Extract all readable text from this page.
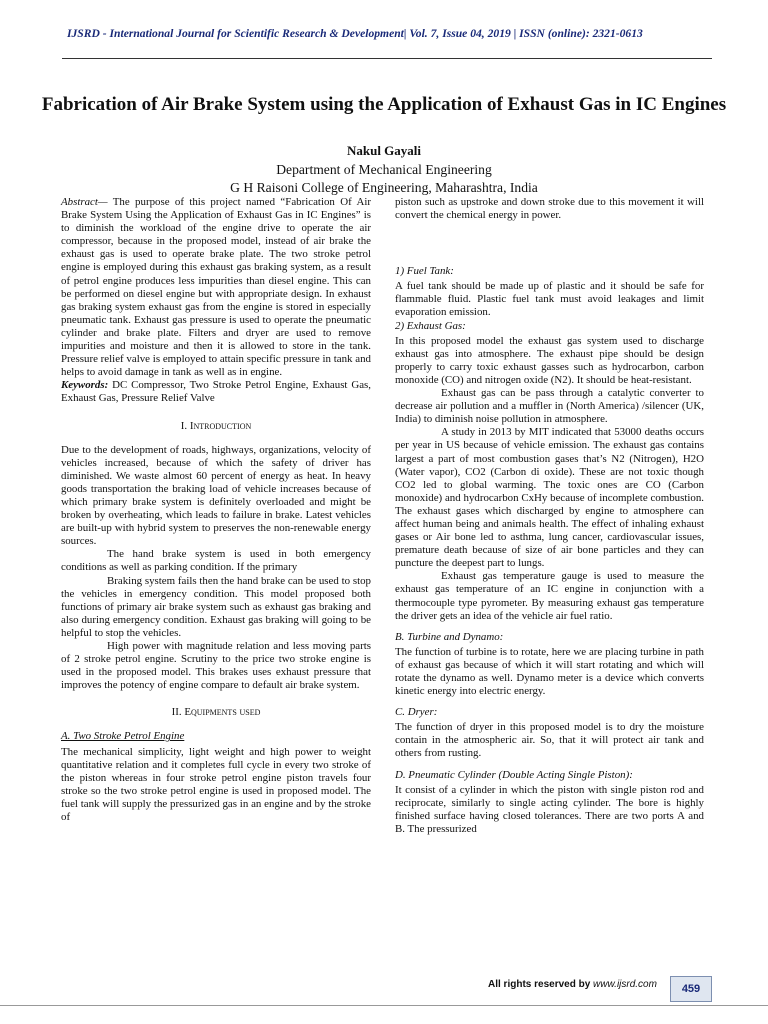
IJSRD - International Journal for Scientific Research & Development| Vol. 7, Issue 04, 2019 | ISSN (online): 2321-0613
Fabrication of Air Brake System using the Application of Exhaust Gas in IC Engines
Nakul Gayali
Department of Mechanical Engineering
G H Raisoni College of Engineering, Maharashtra, India

Abstract— The purpose of this project named “Fabrication Of Air Brake System Using the Application of Exhaust Gas in IC Engines” is to diminish the workload of the engine drive to operate the air compressor, because in the proposed model, instead of air brake the exhaust gas is used to operate brake plate. The two stroke petrol engine is employed during this exhaust gas braking system, as a result of petrol engine produces less impurities than diesel engine. This can be performed on diesel engine but with appropriate design. In exhaust gas braking system exhaust gas from the engine is stored in especially pneumatic tank. Exhaust gas pressure is used to operate the pneumatic cylinder and brake plate. Filters and dryer are used to remove impurities and moisture and then it is allowed to store in the tank. Pressure relief valve is employed to attain specific pressure in tank and helps to avoid damage in tank as well as in engine.

Keywords: DC Compressor, Two Stroke Petrol Engine, Exhaust Gas, Exhaust Gas, Pressure Relief Valve

I. Introduction

Due to the development of roads, highways, organizations, velocity of vehicles increased, because of which the safety of driver has diminished. We waste almost 60 percent of energy as heat. In heavy goods transportation the braking load of vehicle increases because of which primary brake system is definitely overloaded and might be broken by overheating, which leads to failure in brake. Latest vehicles are built-up with hybrid system to preserves the non-renewable energy sources.

The hand brake system is used in both emergency conditions as well as parking condition. If the primary

Braking system fails then the hand brake can be used to stop the vehicles in emergency condition. This model proposed both functions of primary air brake system such as exhaust gas braking and also during emergency condition. Exhaust gas braking will going to be helpful to stop the vehicles.

High power with magnitude relation and less moving parts of 2 stroke petrol engine. Scrutiny to the price two stroke engine is used in the proposed model. This brakes uses exhaust pressure that improves the potency of engine compare to default air brake system.

II. Equipments used
A. Two Stroke Petrol Engine

The mechanical simplicity, light weight and high power to weight quantitative relation and it completes full cycle in every two stroke of the piston whereas in four stroke petrol engine piston travels four stroke so the two stroke petrol engine is used in proposed model. The fuel tank will supply the pressurized gas in an engine and by the stroke of

piston such as upstroke and down stroke due to this movement it will convert the chemical energy in power.

1) Fuel Tank:

A fuel tank should be made up of plastic and it should be safe for flammable fluid. Plastic fuel tank must avoid leakages and limit evaporation emission.

2) Exhaust Gas:

In this proposed model the exhaust gas system used to discharge exhaust gas into atmosphere. The exhaust pipe should be design properly to carry toxic exhaust gasses such as hydrocarbon, carbon monoxide (CO) and nitrogen oxide (N2). It should be heat-resistant.

Exhaust gas can be pass through a catalytic converter to decrease air pollution and a muffler in (North America) /silencer (UK, India) to diminish noise pollution in atmosphere.

A study in 2013 by MIT indicated that 53000 deaths occurs per year in US because of vehicle emission. The exhaust gas contains largest a part of most combustion gases that’s N2 (Nitrogen), H2O (Water vapor), CO2 (Carbon di oxide). These are not toxic though CO2 led to global warming. The toxic ones are CO (Carbon monoxide) and hydrocarbon CxHy because of incomplete combustion. The exhaust gases which discharged by engine to atmosphere can affect human being and animals health. The effect of inhaling exhaust gases or Air bone led to asthma, lung cancer, cardiovascular issues, premature death because of size of air bone particles and they can puncture the deepest part to lungs.

Exhaust gas temperature gauge is used to measure the exhaust gas temperature of an IC engine in conjunction with a thermocouple type pyrometer. By measuring exhaust gas temperature the driver gets an idea of the vehicle air fuel ratio.

B. Turbine and Dynamo:

The function of turbine is to rotate, here we are placing turbine in path of exhaust gas because of which it will start rotating and which will rotate the dynamo as well. Dynamo meter is a device which converts kinetic energy into electric energy.

C. Dryer:

The function of dryer in this proposed model is to dry the moisture contain in the atmospheric air. So, that it will protect air tank and others from rusting.

D. Pneumatic Cylinder (Double Acting Single Piston):

It consist of a cylinder in which the piston with single piston rod and reciprocate, similarly to single acting cylinder. The bore is highly finished surface having closed tolerances. There are two ports A and B. The pressurized

All rights reserved by www.ijsrd.com	459
